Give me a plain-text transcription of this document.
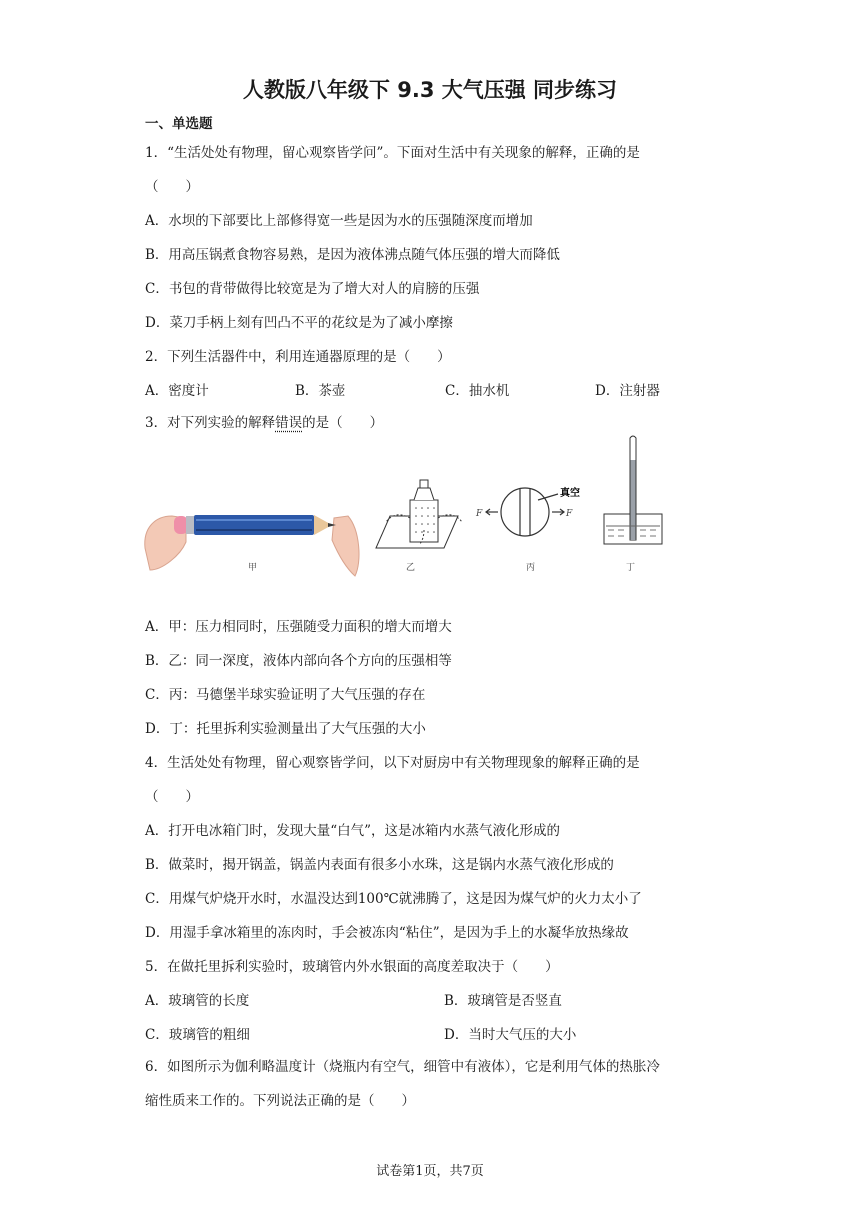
人教版八年级下 9.3 大气压强 同步练习
一、单选题
1．“生活处处有物理，留心观察皆学问”。下面对生活中有关现象的解释，正确的是
（　　）
A．水坝的下部要比上部修得宽一些是因为水的压强随深度而增加
B．用高压锅煮食物容易熟，是因为液体沸点随气体压强的增大而降低
C．书包的背带做得比较宽是为了增大对人的肩膀的压强
D．菜刀手柄上刻有凹凸不平的花纹是为了减小摩擦
2．下列生活器件中，利用连通器原理的是（　　）
A．密度计	B．茶壶	C．抽水机	D．注射器
3．对下列实验的解释错误的是（　　）
甲	乙
F	F
真空
丙	丁
A．甲：压力相同时，压强随受力面积的增大而增大
B．乙：同一深度，液体内部向各个方向的压强相等
C．丙：马德堡半球实验证明了大气压强的存在
D．丁：托里拆利实验测量出了大气压强的大小
4．生活处处有物理，留心观察皆学问，以下对厨房中有关物理现象的解释正确的是
（　　）
A．打开电冰箱门时，发现大量“白气”，这是冰箱内水蒸气液化形成的
B．做菜时，揭开锅盖，锅盖内表面有很多小水珠，这是锅内水蒸气液化形成的
C．用煤气炉烧开水时，水温没达到100℃就沸腾了，这是因为煤气炉的火力太小了
D．用湿手拿冰箱里的冻肉时，手会被冻肉“粘住”，是因为手上的水凝华放热缘故
5．在做托里拆利实验时，玻璃管内外水银面的高度差取决于（　　）
A．玻璃管的长度	B．玻璃管是否竖直
C．玻璃管的粗细	D．当时大气压的大小
6．如图所示为伽利略温度计（烧瓶内有空气，细管中有液体），它是利用气体的热胀冷
缩性质来工作的。下列说法正确的是（　　）
试卷第1页，共7页
